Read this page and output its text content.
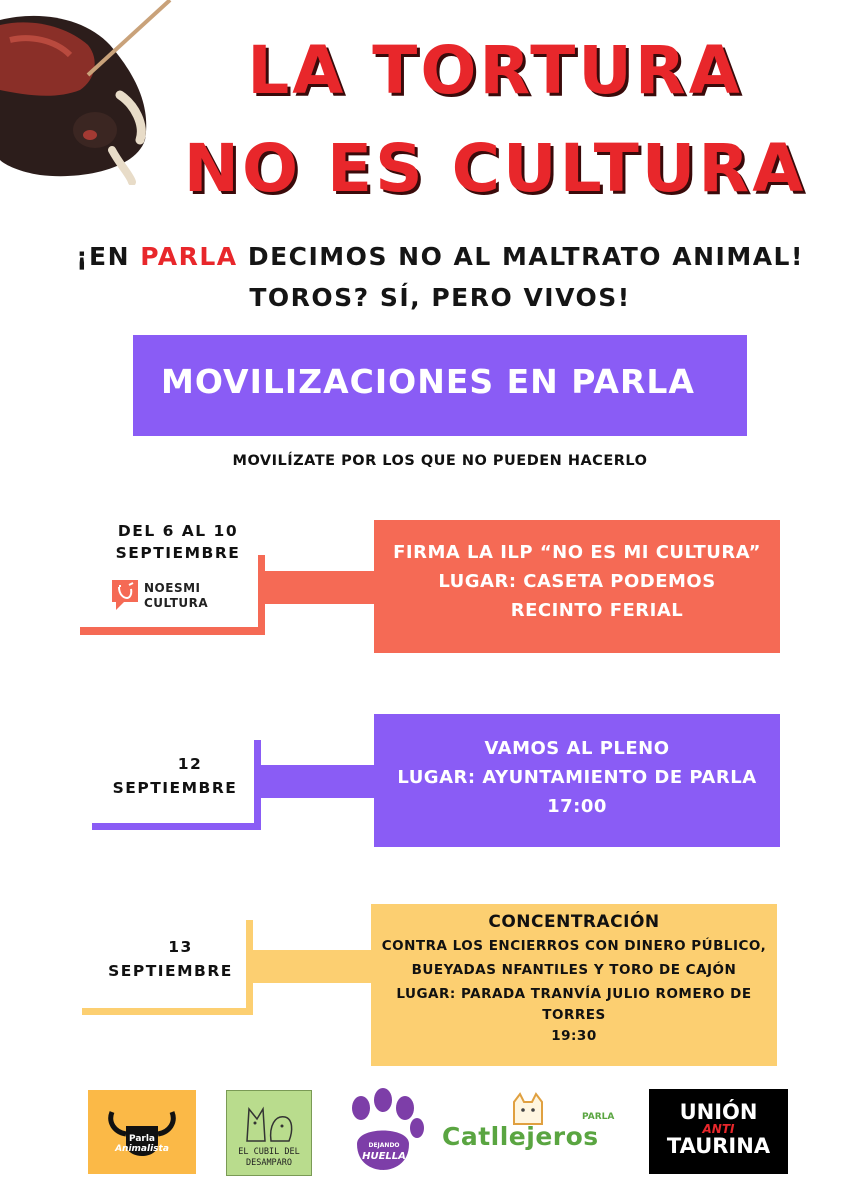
LA TORTURA
NO ES CULTURA
¡EN PARLA DECIMOS NO AL MALTRATO ANIMAL!
TOROS? SÍ, PERO VIVOS!
MOVILIZACIONES EN PARLA
MOVILÍZATE POR LOS QUE NO PUEDEN HACERLO
DEL 6 AL 10
SEPTIEMBRE
NOESMI
CULTURA
FIRMA LA ILP “NO ES MI CULTURA”
LUGAR: CASETA PODEMOS
RECINTO FERIAL
12
SEPTIEMBRE
VAMOS AL PLENO
LUGAR: AYUNTAMIENTO DE PARLA
17:00
13
SEPTIEMBRE
CONCENTRACIÓN
CONTRA LOS ENCIERROS CON DINERO PÚBLICO,
BUEYADAS NFANTILES Y TORO DE CAJÓN
LUGAR: PARADA TRANVÍA JULIO ROMERO DE
TORRES
19:30
Parla
Animalista	EL CUBIL DEL
DESAMPARO
DEJANDO
HUELLA
Catllejeros
PARLA	UNIÓN
ANTI
TAURINA
